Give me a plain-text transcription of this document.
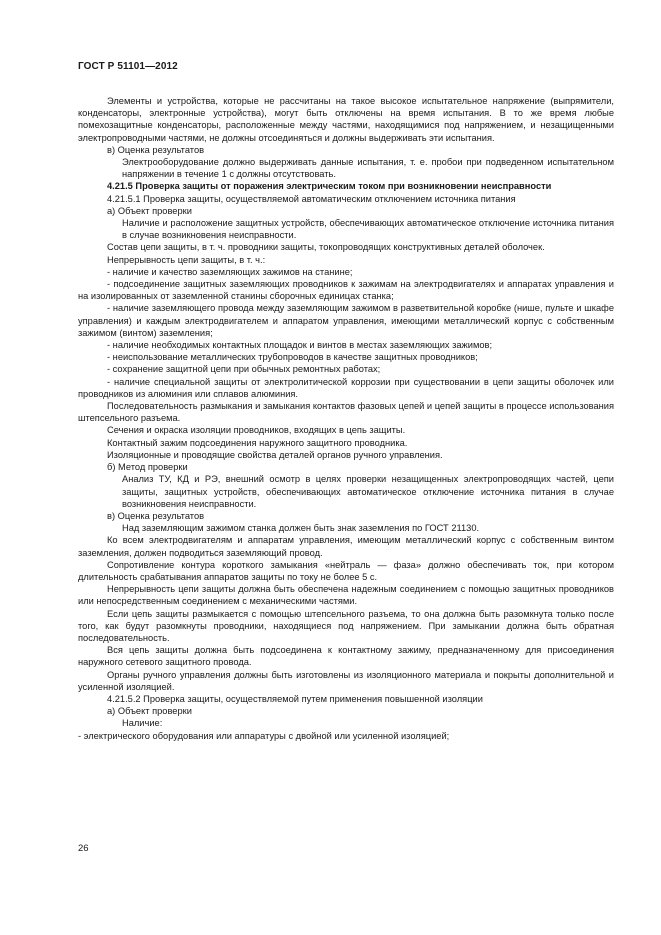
ГОСТ Р 51101—2012

Элементы и устройства, которые не рассчитаны на такое высокое испытательное напряжение (выпрямители, конденсаторы, электронные устройства), могут быть отключены на время испытания. В то же время любые помехозащитные конденсаторы, расположенные между частями, находящимися под напряжением, и незащищенными электропроводными частями, не должны отсоединяться и должны выдерживать эти испытания.

в) Оценка результатов

Электрооборудование должно выдерживать данные испытания, т. е. пробои при подведенном испытательном напряжении в течение 1 с должны отсутствовать.

4.21.5 Проверка защиты от поражения электрическим током при возникновении неисправности

4.21.5.1 Проверка защиты, осуществляемой автоматическим отключением источника питания

а) Объект проверки

Наличие и расположение защитных устройств, обеспечивающих автоматическое отключение источника питания в случае возникновения неисправности.

Состав цепи защиты, в т. ч. проводники защиты, токопроводящих конструктивных деталей оболочек.

Непрерывность цепи защиты, в т. ч.:

- наличие и качество заземляющих зажимов на станине;

- подсоединение защитных заземляющих проводников к зажимам на электродвигателях и аппаратах управления и на изолированных от заземленной станины сборочных единицах станка;

- наличие заземляющего провода между заземляющим зажимом в разветвительной коробке (нише, пульте и шкафе управления) и каждым электродвигателем и аппаратом управления, имеющими металлический корпус с собственным зажимом (винтом) заземления;

- наличие необходимых контактных площадок и винтов в местах заземляющих зажимов;

- неиспользование металлических трубопроводов в качестве защитных проводников;

- сохранение защитной цепи при обычных ремонтных работах;

- наличие специальной защиты от электролитической коррозии при существовании в цепи защиты оболочек или проводников из алюминия или сплавов алюминия.

Последовательность размыкания и замыкания контактов фазовых цепей и цепей защиты в процессе использования штепсельного разъема.

Сечения и окраска изоляции проводников, входящих в цепь защиты.

Контактный зажим подсоединения наружного защитного проводника.

Изоляционные и проводящие свойства деталей органов ручного управления.

б) Метод проверки

Анализ ТУ, КД и РЭ, внешний осмотр в целях проверки незащищенных электропроводящих частей, цепи защиты, защитных устройств, обеспечивающих автоматическое отключение источника питания в случае возникновения неисправности.

в) Оценка результатов

Над заземляющим зажимом станка должен быть знак заземления по ГОСТ 21130.

Ко всем электродвигателям и аппаратам управления, имеющим металлический корпус с собственным винтом заземления, должен подводиться заземляющий провод.

Сопротивление контура короткого замыкания «нейтраль — фаза» должно обеспечивать ток, при котором длительность срабатывания аппаратов защиты по току не более 5 с.

Непрерывность цепи защиты должна быть обеспечена надежным соединением с помощью защитных проводников или непосредственным соединением с механическими частями.

Если цепь защиты размыкается с помощью штепсельного разъема, то она должна быть разомкнута только после того, как будут разомкнуты проводники, находящиеся под напряжением. При замыкании должна быть обратная последовательность.

Вся цепь защиты должна быть подсоединена к контактному зажиму, предназначенному для присоединения наружного сетевого защитного провода.

Органы ручного управления должны быть изготовлены из изоляционного материала и покрыты дополнительной и усиленной изоляцией.

4.21.5.2 Проверка защиты, осуществляемой путем применения повышенной изоляции

а) Объект проверки

Наличие:

- электрического оборудования или аппаратуры с двойной или усиленной изоляцией;

26
